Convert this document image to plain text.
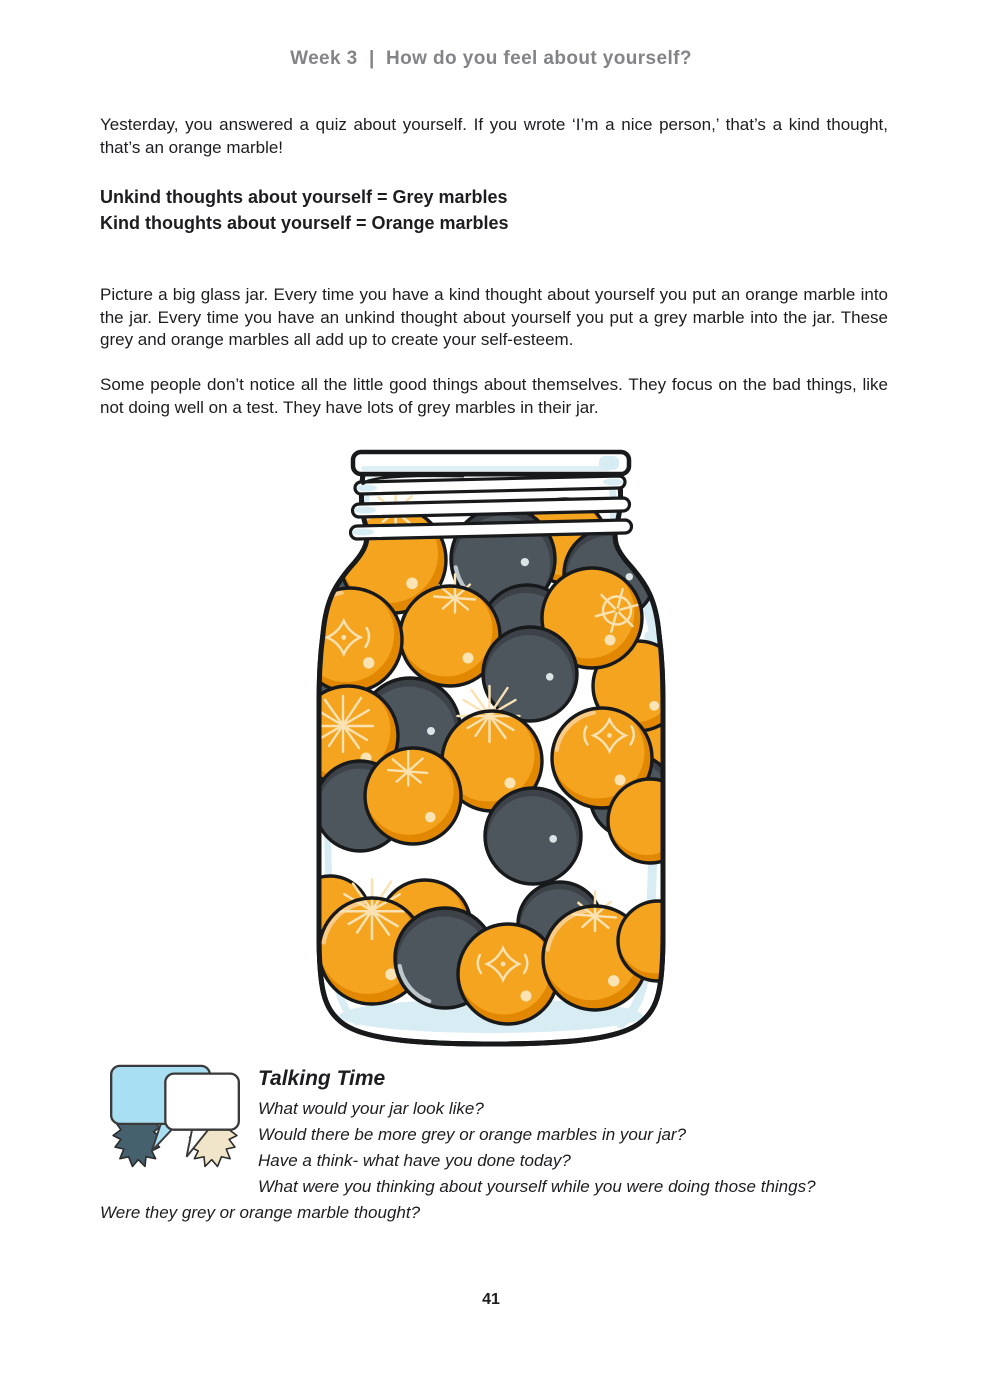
Week 3  |  How do you feel about yourself?

Yesterday, you answered a quiz about yourself. If you wrote ‘I’m a nice person,’ that’s a kind thought, that’s an orange marble!

Unkind thoughts about yourself = Grey marbles
Kind thoughts about yourself = Orange marbles

Picture a big glass jar. Every time you have a kind thought about yourself you put an orange marble into the jar. Every time you have an unkind thought about yourself you put a grey marble into the jar. These grey and orange marbles all add up to create your self-esteem.

Some people don’t notice all the little good things about themselves. They focus on the bad things, like not doing well on a test. They have lots of grey marbles in their jar.

Talking Time
What would your jar look like?
Would there be more grey or orange marbles in your jar?
Have a think- what have you done today?
What were you thinking about yourself while you were doing those things?
Were they grey or orange marble thought?
41
